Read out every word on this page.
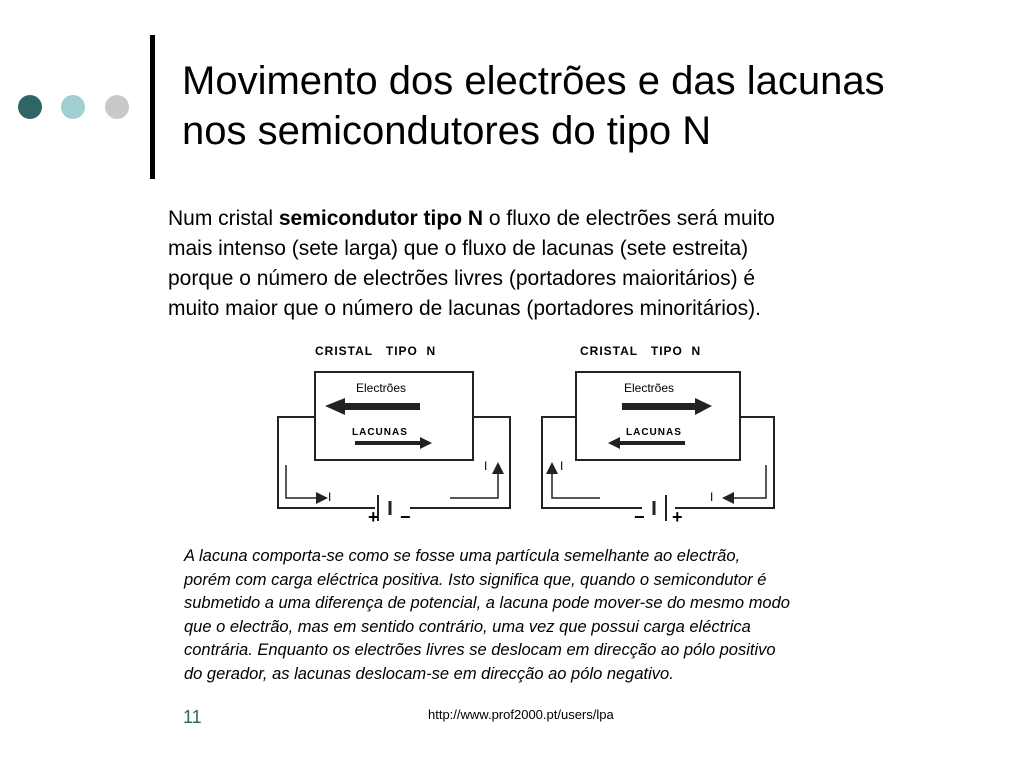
Movimento dos electrões e das lacunas
nos semicondutores do tipo N
Num cristal semicondutor tipo N o fluxo de electrões será muito
mais intenso (sete larga) que o fluxo de lacunas (sete estreita)
porque o número de electrões livres (portadores maioritários) é
muito maior que o número de lacunas (portadores minoritários).
CRISTAL   TIPO  N
Electrões
LACUNAS
+ −
I
I
CRISTAL   TIPO  N
Electrões
LACUNAS
− +
I
I
A lacuna comporta-se como se fosse uma partícula semelhante ao electrão,
porém com carga eléctrica positiva. Isto significa que, quando o semicondutor é
submetido a uma diferença de potencial, a lacuna pode mover-se do mesmo modo
que o electrão, mas em sentido contrário, uma vez que possui carga eléctrica
contrária. Enquanto os electrões livres se deslocam em direcção ao pólo positivo
do gerador, as lacunas deslocam-se em direcção ao pólo negativo.
11	http://www.prof2000.pt/users/lpa
